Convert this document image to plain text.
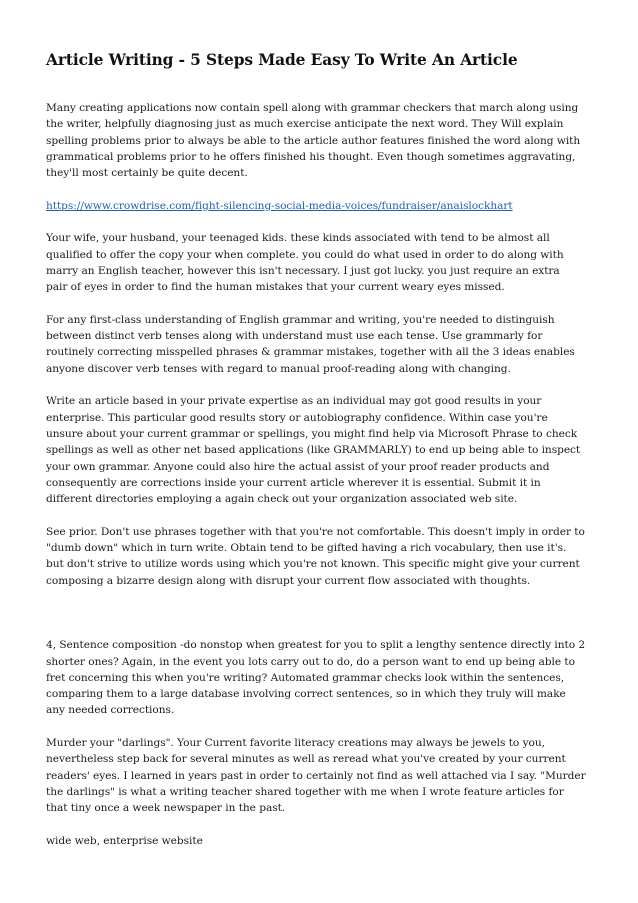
Article Writing - 5 Steps Made Easy To Write An Article

Many creating applications now contain spell along with grammar checkers that march along using
the writer, helpfully diagnosing just as much exercise anticipate the next word. They Will explain
spelling problems prior to always be able to the article author features finished the word along with
grammatical problems prior to he offers finished his thought. Even though sometimes aggravating,
they'll most certainly be quite decent.

https://www.crowdrise.com/fight-silencing-social-media-voices/fundraiser/anaislockhart

Your wife, your husband, your teenaged kids. these kinds associated with tend to be almost all
qualified to offer the copy your when complete. you could do what used in order to do along with
marry an English teacher, however this isn't necessary. I just got lucky. you just require an extra
pair of eyes in order to find the human mistakes that your current weary eyes missed.

For any first-class understanding of English grammar and writing, you're needed to distinguish
between distinct verb tenses along with understand must use each tense. Use grammarly for
routinely correcting misspelled phrases & grammar mistakes, together with all the 3 ideas enables
anyone discover verb tenses with regard to manual proof-reading along with changing.

Write an article based in your private expertise as an individual may got good results in your
enterprise. This particular good results story or autobiography confidence. Within case you're
unsure about your current grammar or spellings, you might find help via Microsoft Phrase to check
spellings as well as other net based applications (like GRAMMARLY) to end up being able to inspect
your own grammar. Anyone could also hire the actual assist of your proof reader products and
consequently are corrections inside your current article wherever it is essential. Submit it in
different directories employing a again check out your organization associated web site.

See prior. Don't use phrases together with that you're not comfortable. This doesn't imply in order to
"dumb down" which in turn write. Obtain tend to be gifted having a rich vocabulary, then use it's.
but don't strive to utilize words using which you're not known. This specific might give your current
composing a bizarre design along with disrupt your current flow associated with thoughts.

4, Sentence composition -do nonstop when greatest for you to split a lengthy sentence directly into 2
shorter ones? Again, in the event you lots carry out to do, do a person want to end up being able to
fret concerning this when you're writing? Automated grammar checks look within the sentences,
comparing them to a large database involving correct sentences, so in which they truly will make
any needed corrections.

Murder your "darlings". Your Current favorite literacy creations may always be jewels to you,
nevertheless step back for several minutes as well as reread what you've created by your current
readers' eyes. I learned in years past in order to certainly not find as well attached via I say. "Murder
the darlings" is what a writing teacher shared together with me when I wrote feature articles for
that tiny once a week newspaper in the past.

wide web, enterprise website
